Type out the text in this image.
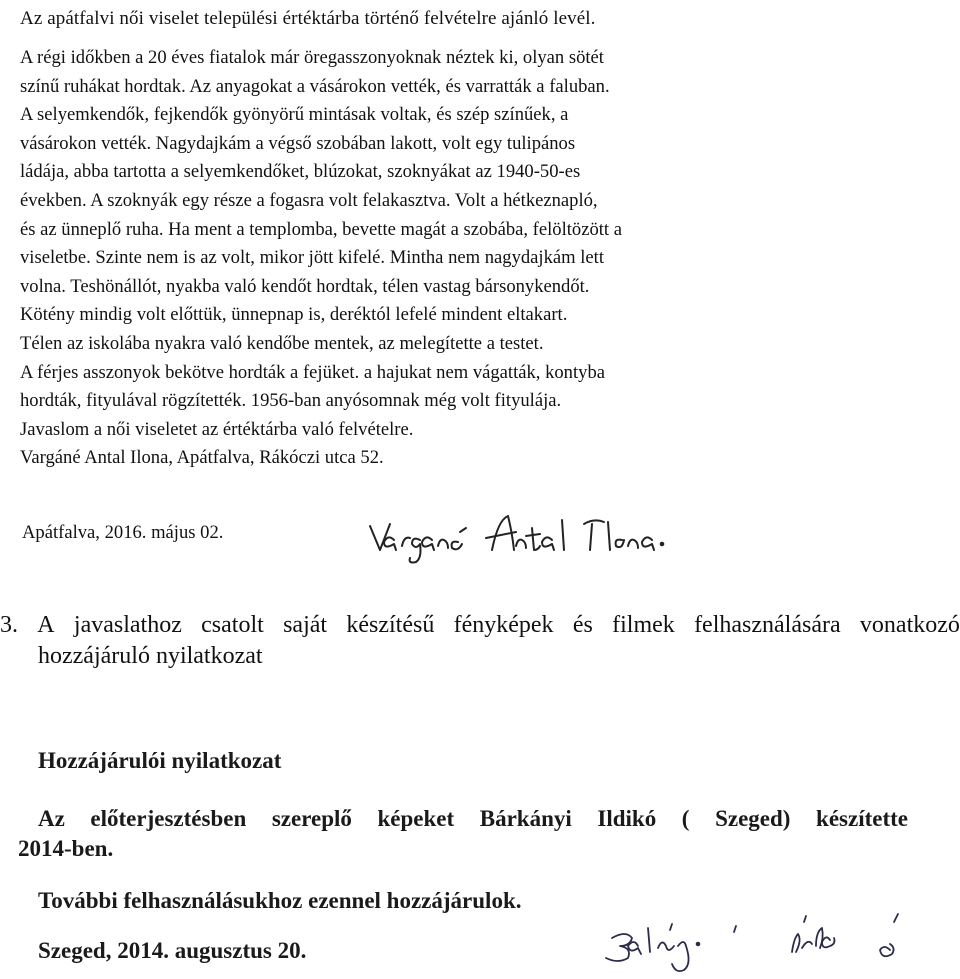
Az apátfalvi női viselet települési értéktárba történő felvételre ajánló levél.

A régi időkben a 20 éves fiatalok már öregasszonyoknak néztek ki, olyan sötét

színű ruhákat hordtak. Az anyagokat a vásárokon vették, és varratták a faluban.

A selyemkendők, fejkendők gyönyörű mintásak voltak, és szép színűek, a

vásárokon vették. Nagydajkám a végső szobában lakott, volt egy tulipános

ládája, abba tartotta a selyemkendőket, blúzokat, szoknyákat az 1940-50-es

években. A szoknyák egy része a fogasra volt felakasztva. Volt a hétkeznapló,

és az ünneplő ruha. Ha ment a templomba, bevette magát a szobába, felöltözött a

viseletbe. Szinte nem is az volt, mikor jött kifelé. Mintha nem nagydajkám lett

volna. Teshönállót, nyakba való kendőt hordtak, télen vastag bársonykendőt.

Kötény mindig volt előttük, ünnepnap is, deréktól lefelé mindent eltakart.

Télen az iskolába nyakra való kendőbe mentek, az melegítette a testet.

A férjes asszonyok bekötve hordták a fejüket. a hajukat nem vágatták, kontyba

hordták, fityulával rögzítették. 1956-ban anyósomnak még volt fityulája.

Javaslom a női viseletet az értéktárba való felvételre.

Vargáné Antal Ilona, Apátfalva, Rákóczi utca 52.

Apátfalva, 2016. május 02.
3. A javaslathoz csatolt saját készítésű fényképek és filmek felhasználására vonatkozó
hozzájáruló nyilatkozat

Hozzájárulói nyilatkozat

Az előterjesztésben szereplő képeket Bárkányi Ildikó ( Szeged) készítette
2014-ben.
További felhasználásukhoz ezennel hozzájárulok.
Szeged, 2014. augusztus 20.
